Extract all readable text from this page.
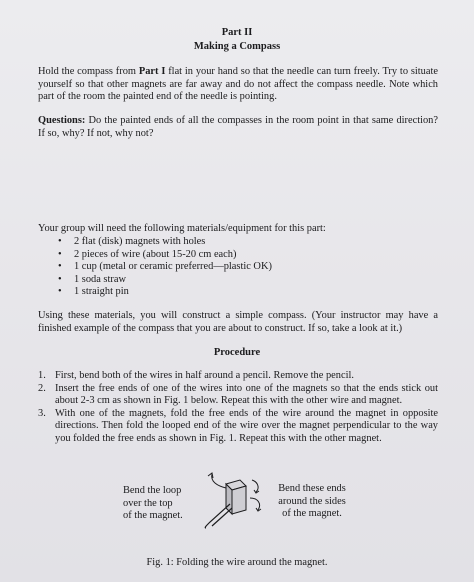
Part II
Making a Compass

Hold the compass from Part I flat in your hand so that the needle can turn freely. Try to situate yourself so that other magnets are far away and do not affect the compass needle. Note which part of the room the painted end of the needle is pointing.

Questions: Do the painted ends of all the compasses in the room point in that same direction? If so, why? If not, why not?

Your group will need the following materials/equipment for this part:

• 2 flat (disk) magnets with holes
• 2 pieces of wire (about 15-20 cm each)
• 1 cup (metal or ceramic preferred—plastic OK)
• 1 soda straw
• 1 straight pin

Using these materials, you will construct a simple compass. (Your instructor may have a finished example of the compass that you are about to construct. If so, take a look at it.)

Procedure
1. First, bend both of the wires in half around a pencil. Remove the pencil.
2. Insert the free ends of one of the wires into one of the magnets so that the ends stick out about 2-3 cm as shown in Fig. 1 below. Repeat this with the other wire and magnet.
3. With one of the magnets, fold the free ends of the wire around the magnet in opposite directions. Then fold the looped end of the wire over the magnet perpendicular to the way you folded the free ends as shown in Fig. 1. Repeat this with the other magnet.
Bend the loop
over the top
of the magnet.
Bend these ends
around the sides
of the magnet.
Fig. 1: Folding the wire around the magnet.
